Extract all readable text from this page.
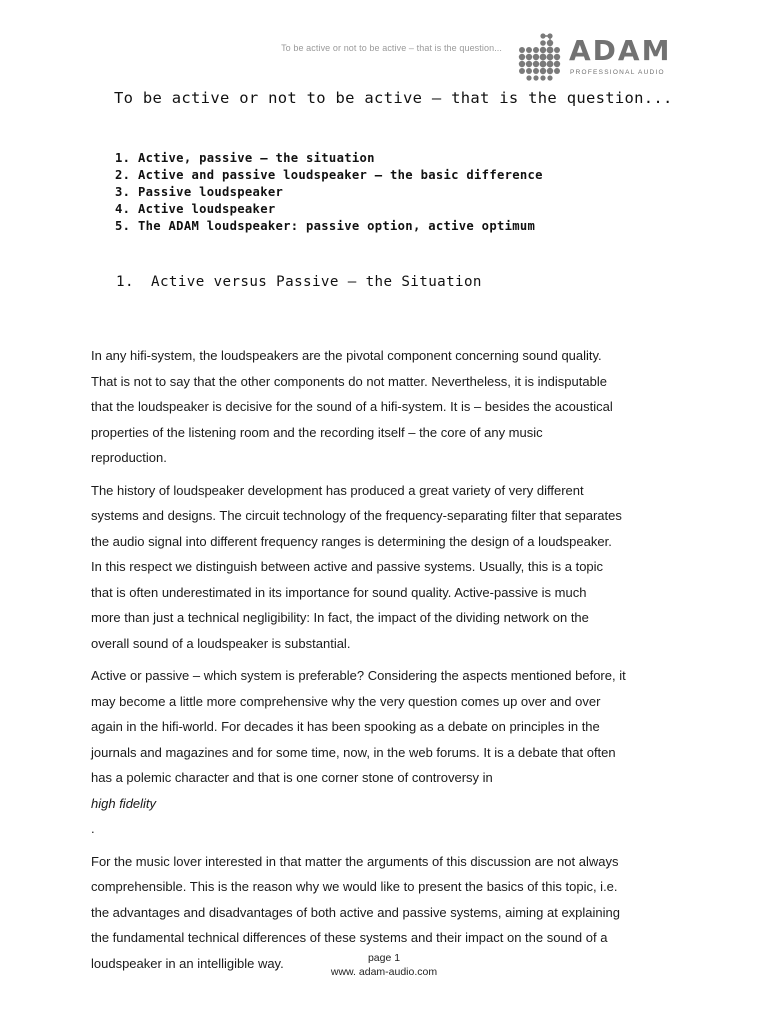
To be active or not to be active – that is the question... ADAM
PROFESSIONAL AUDIO
To be active or not to be active – that is the question...
1. Active, passive – the situation
2. Active and passive loudspeaker – the basic difference
3. Passive loudspeaker
4. Active loudspeaker
5. The ADAM loudspeaker: passive option, active optimum
1. Active versus Passive – the Situation

In any hifi-system, the loudspeakers are the pivotal component concerning sound quality.
That is not to say that the other components do not matter. Nevertheless, it is indisputable
that the loudspeaker is decisive for the sound of a hifi-system. It is – besides the acoustical
properties of the listening room and the recording itself – the core of any music
reproduction.

The history of loudspeaker development has produced a great variety of very different
systems and designs. The circuit technology of the frequency-separating filter that separates
the audio signal into different frequency ranges is determining the design of a loudspeaker.
In this respect we distinguish between active and passive systems. Usually, this is a topic
that is often underestimated in its importance for sound quality. Active-passive is much
more than just a technical negligibility: In fact, the impact of the dividing network on the
overall sound of a loudspeaker is substantial.

Active or passive – which system is preferable? Considering the aspects mentioned before, it
may become a little more comprehensive why the very question comes up over and over
again in the hifi-world. For decades it has been spooking as a debate on principles in the
journals and magazines and for some time, now, in the web forums. It is a debate that often
has a polemic character and that is one corner stone of controversy in
high fidelity
.

For the music lover interested in that matter the arguments of this discussion are not always
comprehensible. This is the reason why we would like to present the basics of this topic, i.e.
the advantages and disadvantages of both active and passive systems, aiming at explaining
the fundamental technical differences of these systems and their impact on the sound of a
loudspeaker in an intelligible way.	page 1
www. adam-audio.com
